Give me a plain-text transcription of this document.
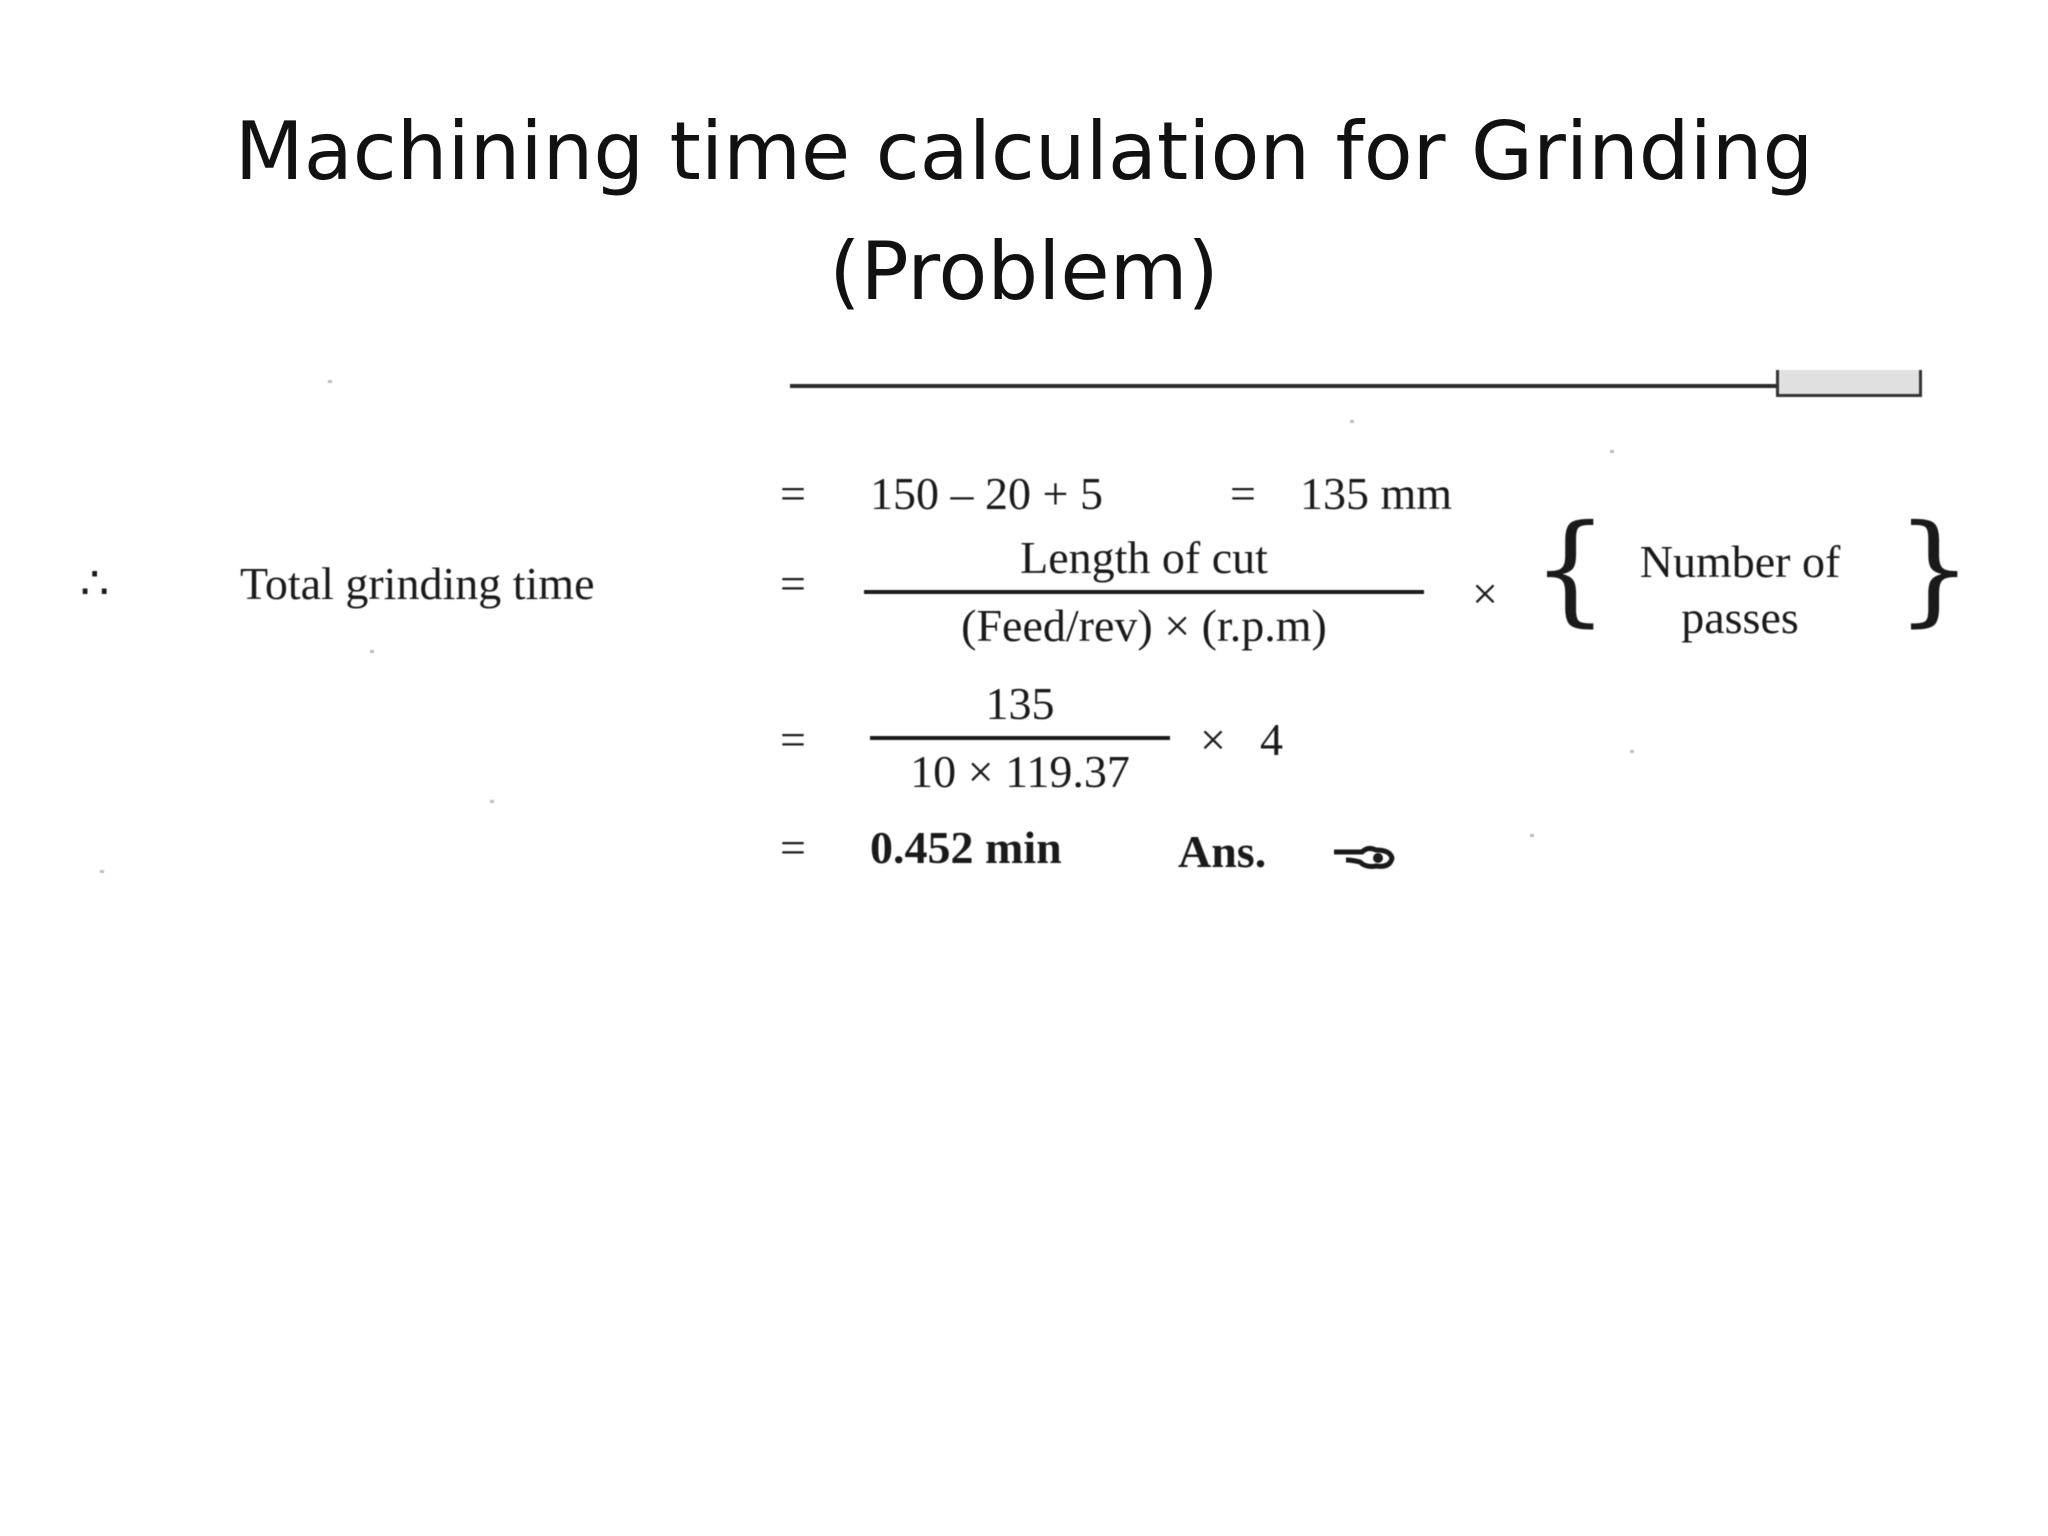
Machining time calculation for Grinding
(Problem)
= 150 – 20 + 5	= 135 mm
∴	Total grinding time	=
Length of cut
(Feed/rev) × (r.p.m)
× { Number of
passes }
=
135
10 × 119.37
× 4
= 0.452 min	Ans.
